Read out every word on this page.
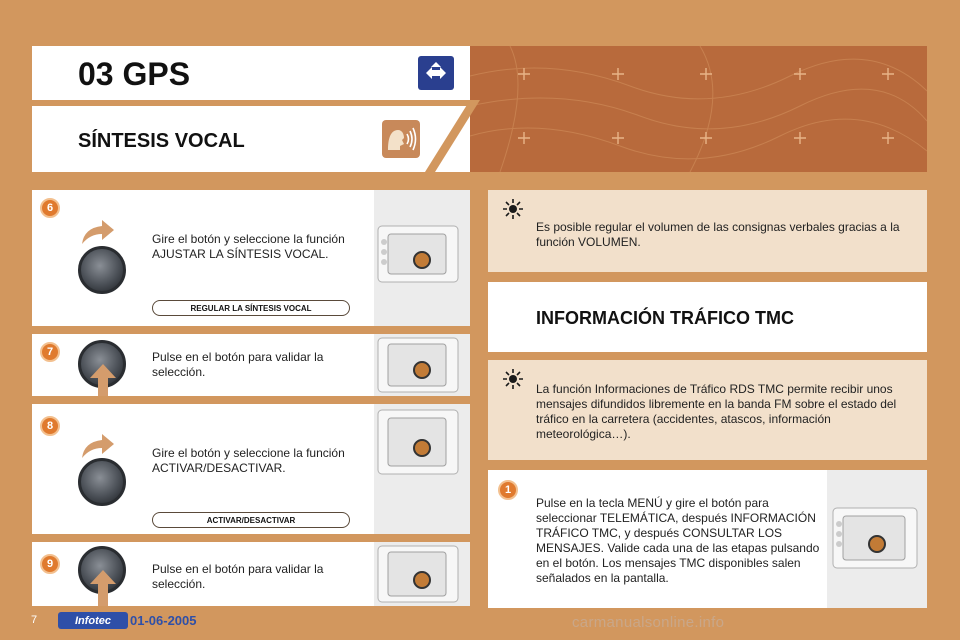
03 GPS
SÍNTESIS VOCAL
Gire el botón y seleccione la función AJUSTAR LA SÍNTESIS VOCAL.
REGULAR LA SÍNTESIS VOCAL
6
Pulse en el botón para validar la selección.
7
Gire el botón y seleccione la función ACTIVAR/DESACTIVAR.
ACTIVAR/DESACTIVAR
8
Pulse en el botón para validar la selección.
9
Es posible regular el volumen de las consignas verbales gracias a la función VOLUMEN.
INFORMACIÓN TRÁFICO TMC
La función Informaciones de Tráfico RDS TMC permite recibir unos mensajes difundidos libremente en la banda FM sobre el estado del tráfico en la carretera (accidentes, atascos, información meteorológica…).
Pulse en la tecla MENÚ y gire el botón para seleccionar TELEMÁTICA, después INFORMACIÓN TRÁFICO TMC, y después CONSULTAR LOS MENSAJES. Valide cada una de las etapas pulsando en el botón. Los mensajes TMC disponibles salen señalados en la pantalla.
1
7	Infotec	01-06-2005	carmanualsonline.info
